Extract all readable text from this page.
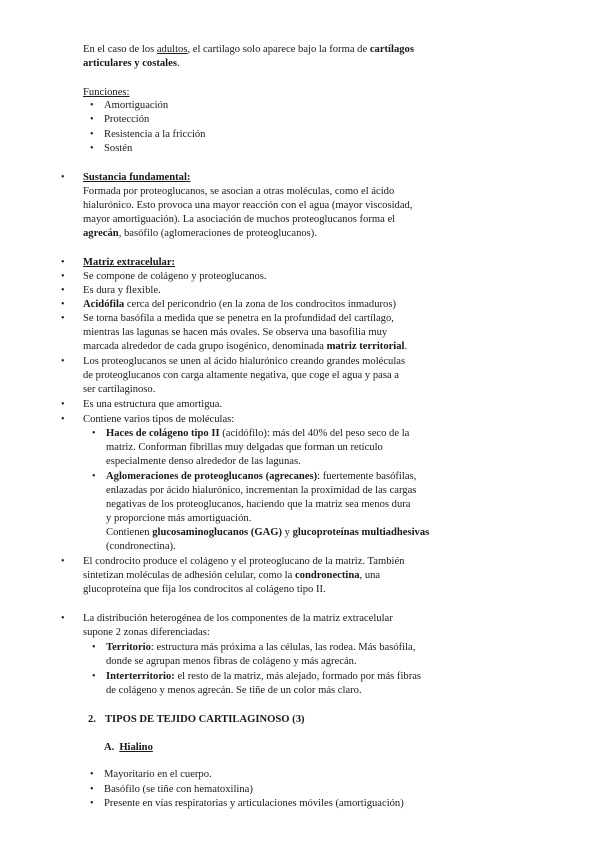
En el caso de los adultos, el cartílago solo aparece bajo la forma de cartílagos
articulares y costales.
Funciones:
• Amortiguación
• Protección
• Resistencia a la fricción
• Sostén
• Sustancia fundamental:
Formada por proteoglucanos, se asocian a otras moléculas, como el ácido
hialurónico. Esto provoca una mayor reacción con el agua (mayor viscosidad,
mayor amortiguación). La asociación de muchos proteoglucanos forma el
agrecán, basófilo (aglomeraciones de proteoglucanos).
• Matriz extracelular:
• Se compone de colágeno y proteoglucanos.
• Es dura y flexible.
• Acidófila cerca del pericondrio (en la zona de los condrocitos inmaduros)
• Se torna basófila a medida que se penetra en la profundidad del cartílago,
mientras las lagunas se hacen más ovales. Se observa una basofilia muy
marcada alrededor de cada grupo isogénico, denominada matriz territorial.
• Los proteoglucanos se unen al ácido hialurónico creando grandes moléculas
de proteoglucanos con carga altamente negativa, que coge el agua y pasa a
ser cartilaginoso.
• Es una estructura que amortigua.
• Contiene varios tipos de moléculas:
• Haces de colágeno tipo II (acidófilo): más del 40% del peso seco de la
matriz. Conforman fibrillas muy delgadas que forman un retículo
especialmente denso alrededor de las lagunas.
• Aglomeraciones de proteoglucanos (agrecanes): fuertemente basófilas,
enlazadas por ácido hialurónico, incrementan la proximidad de las cargas
negativas de los proteoglucanos, haciendo que la matriz sea menos dura
y proporcione más amortiguación.
Contienen glucosaminoglucanos (GAG) y glucoproteínas multiadhesivas
(condronectina).
• El condrocito produce el colágeno y el proteoglucano de la matriz. También
sintetizan moléculas de adhesión celular, como la condronectina, una
glucoproteína que fija los condrocitos al colágeno tipo II.
• La distribución heterogénea de los componentes de la matriz extracelular
supone 2 zonas diferenciadas:
• Territorio: estructura más próxima a las células, las rodea. Más basófila,
donde se agrupan menos fibras de colágeno y más agrecán.
• Interterritorio: el resto de la matriz, más alejado, formado por más fibras
de colágeno y menos agrecán. Se tiñe de un color más claro.
2. TIPOS DE TEJIDO CARTILAGINOSO (3)
A. Hialino
• Mayoritario en el cuerpo.
• Basófilo (se tiñe con hematoxilina)
• Presente en vías respiratorias y articulaciones móviles (amortiguación)
